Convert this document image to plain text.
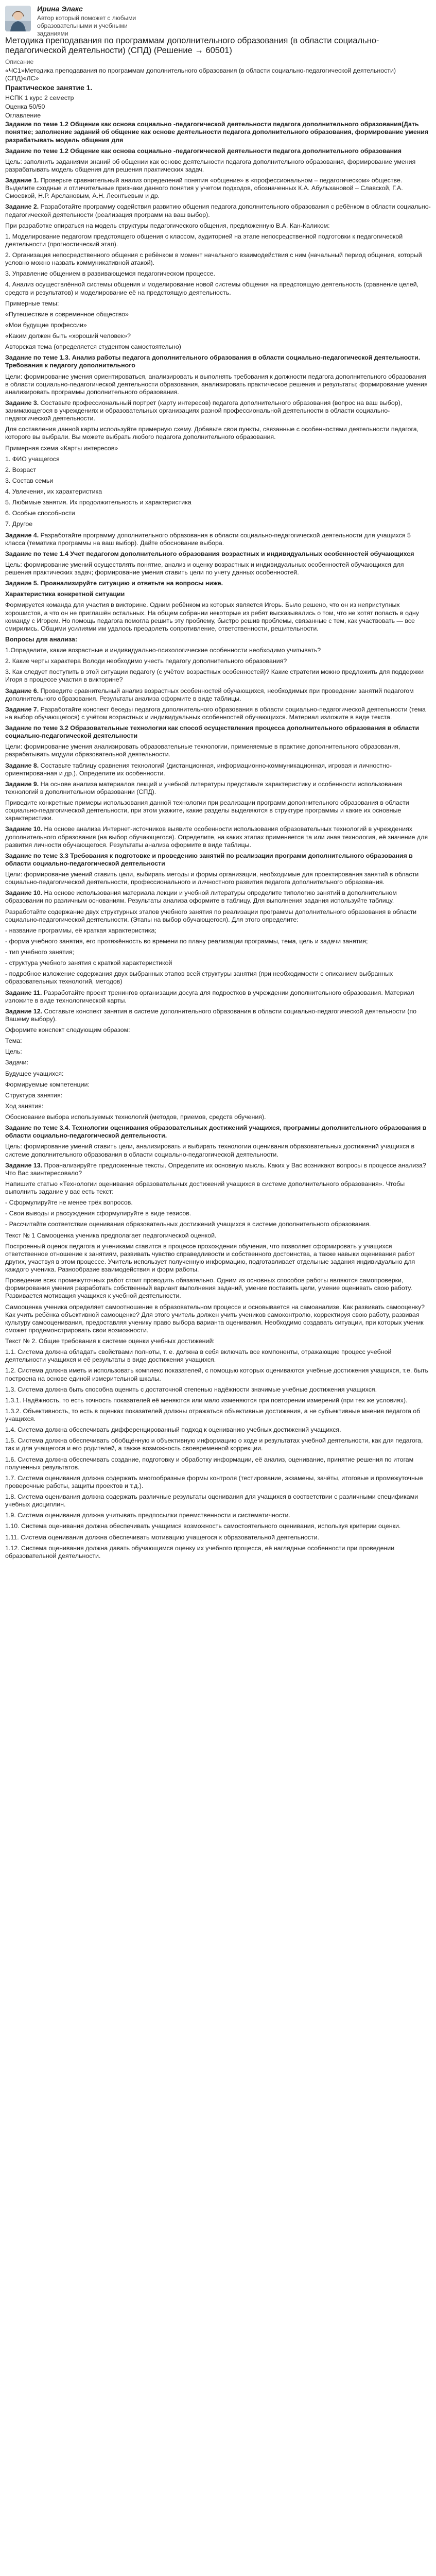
Ирина Элакс
Автор который поможет с любыми образовательными и учебными заданиями
Методика преподавания по программам дополнительного образования (в области социально-педагогической деятельности) (СПД) (Решение → 60501)
Описание
«ЧС1»Методика преподавания по программам дополнительного образования (в области социально-педагогической деятельности) (СПД)«ЛС»
Практическое занятие 1.
НСПК 1 курс 2 семестр
Оценка 50/50
Оглавление

Задание по теме 1.2 Общение как основа социально -педагогической деятельности педагога дополнительного образования(Дать понятие; заполнение заданий об общение как основе деятельности педагога дополнительного образования, формирование умения разрабатывать модель общения для

Задание по теме 1.2 Общение как основа социально -педагогической деятельности педагога дополнительного образования

Цель: заполнить заданиями знаний об общении как основе деятельности педагога дополнительного образования, формирование умения разрабатывать модель общения для решения практических задач.

Задание 1. Проверьте сравнительный анализ определений понятия «общение» в «профессиональном – педагогическом» обществе. Выделите сходные и отличительные признаки данного понятия у учетом подходов, обозначенных К.А. Абульхановой – Славской, Г.А. Смоевкой, Н.Р. Арслановым, А.Н. Леонтьевым и др.

Задание 2. Разработайте программу содействия развитию общения педагога дополнительного образования с ребёнком в области социально-педагогической деятельности (реализация программ на ваш выбор).

При разработке опираться на модель структуры педагогического общения, предложенную В.А. Кан-Каликом:

1. Моделирование педагогом предстоящего общения с классом, аудиторией на этапе непосредственной подготовки к педагогической деятельности (прогностический этап).

2. Организация непосредственного общения с ребёнком в момент начального взаимодействия с ним (начальный период общения, который условно можно назвать коммуникативной атакой).

3. Управление общением в развивающемся педагогическом процессе.

4. Анализ осуществлённой системы общения и моделирование новой системы общения на предстоящую деятельность (сравнение целей, средств и результатов) и моделирование её на предстоящую деятельность.

Примерные темы:

«Путешествие в современное общество»

«Мои будущие профессии»

«Каким должен быть «хороший человек»?

Авторская тема (определяется студентом самостоятельно)

Задание по теме 1.3. Анализ работы педагога дополнительного образования в области социально-педагогической деятельности. Требования к педагогу дополнительного

Цели: формирование умения ориентироваться, анализировать и выполнять требования к должности педагога дополнительного образования в области социально-педагогической деятельности образования, анализировать практическое решения и результаты; формирование умения анализировать программы дополнительного образования.

Задание 3. Составьте профессиональный портрет (карту интересов) педагога дополнительного образования (вопрос на ваш выбор), занимающегося в учреждениях и образовательных организациях разной профессиональной деятельности в области социально-педагогической деятельности.

Для составления данной карты используйте примерную схему. Добавьте свои пункты, связанные с особенностями деятельности педагога, которого вы выбрали. Вы можете выбрать любого педагога дополнительного образования.

Примерная схема «Карты интересов»

1. ФИО учащегося

2. Возраст

3. Состав семьи

4. Увлечения, их характеристика

5. Любимые занятия. Их продолжительность и характеристика

6. Особые способности

7. Другое

Задание 4. Разработайте программу дополнительного образования в области социально-педагогической деятельности для учащихся 5 класса (тематика программы на ваш выбор). Дайте обоснование выбора.

Задание по теме 1.4 Учет педагогом дополнительного образования возрастных и индивидуальных особенностей обучающихся

Цель: формирование умений осуществлять понятие, анализ и оценку возрастных и индивидуальных особенностей обучающихся для решения практических задач; формирование умения ставить цели по учету данных особенностей.

Задание 5. Проанализируйте ситуацию и ответьте на вопросы ниже.

Характеристика конкретной ситуации

Формируется команда для участия в викторине. Одним ребёнком из которых является Игорь. Было решено, что он из неприступных хорошистов, а что он не приглашён остальных. На общем собрании некоторые из ребят высказывались о том, что не хотят попасть в одну команду с Игорем. Но помощь педагога помогла решить эту проблему, быстро решив проблемы, связанные с тем, как участвовать — все смирились. Общими усилиями им удалось преодолеть сопротивление, ответственности, решительности.

Вопросы для анализа:

1.Определите, какие возрастные и индивидуально-психологические особенности необходимо учитывать?

2. Какие черты характера Володи необходимо учесть педагогу дополнительного образования?

3. Как следует поступить в этой ситуации педагогу (с учётом возрастных особенностей)? Какие стратегии можно предложить для поддержки Игоря в процессе участия в викторине?

Задание 6. Проведите сравнительный анализ возрастных особенностей обучающихся, необходимых при проведении занятий педагогом дополнительного образования. Результаты анализа оформите в виде таблицы.

Задание 7. Разработайте конспект беседы педагога дополнительного образования в области социально-педагогической деятельности (тема на выбор обучающегося) с учётом возрастных и индивидуальных особенностей обучающихся. Материал изложите в виде текста.

Задание по теме 3.2 Образовательные технологии как способ осуществления процесса дополнительного образования в области социально-педагогической деятельности

Цели: формирование умения анализировать образовательные технологии, применяемые в практике дополнительного образования, разрабатывать модули образовательной деятельности.

Задание 8. Составьте таблицу сравнения технологий (дистанционная, информационно-коммуникационная, игровая и личностно-ориентированная и др.). Определите их особенности.

Задание 9. На основе анализа материалов лекций и учебной литературы представьте характеристику и особенности использования технологий в дополнительном образовании (СПД).

Приведите конкретные примеры использования данной технологии при реализации программ дополнительного образования в области социально-педагогической деятельности, при этом укажите, какие разделы выделяются в структуре программы и какие их основные характеристики.

Задание 10. На основе анализа Интернет-источников выявите особенности использования образовательных технологий в учреждениях дополнительного образования (на выбор обучающегося). Определите, на каких этапах применяется та или иная технология, её значение для развития личности обучающегося. Результаты анализа оформите в виде таблицы.

Задание по теме 3.3 Требования к подготовке и проведению занятий по реализации программ дополнительного образования в области социально-педагогической деятельности

Цели: формирование умений ставить цели, выбирать методы и формы организации, необходимые для проектирования занятий в области социально-педагогической деятельности, профессионального и личностного развития педагога дополнительного образования.

Задание 10. На основе использования материала лекции и учебной литературы определите типологию занятий в дополнительном образовании по различным основаниям. Результаты анализа оформите в таблицу. Для выполнения задания используйте таблицу.

Разработайте содержание двух структурных этапов учебного занятия по реализации программы дополнительного образования в области социально-педагогической деятельности. (Этапы на выбор обучающегося). Для этого определите:

- название программы, её краткая характеристика;

- форма учебного занятия, его протяжённость во времени по плану реализации программы, тема, цель и задачи занятия;

- тип учебного занятия;

- структура учебного занятия с краткой характеристикой

- подробное изложение содержания двух выбранных этапов всей структуры занятия (при необходимости с описанием выбранных образовательных технологий, методов)

Задание 11. Разработайте проект тренингов организации досуга для подростков в учреждении дополнительного образования. Материал изложите в виде технологической карты.

Задание 12. Составьте конспект занятия в системе дополнительного образования в области социально-педагогической деятельности (по Вашему выбору).

Оформите конспект следующим образом:

Тема:

Цель:

Задачи:

Будущее учащихся:

Формируемые компетенции:

Структура занятия:

Ход занятия:

Обоснование выбора используемых технологий (методов, приемов, средств обучения).

Задание по теме 3.4. Технологии оценивания образовательных достижений учащихся, программы дополнительного образования в области социально-педагогической деятельности.

Цель: формирование умений ставить цели, анализировать и выбирать технологии оценивания образовательных достижений учащихся в системе дополнительного образования в области социально-педагогической деятельности.

Задание 13. Проанализируйте предложенные тексты. Определите их основную мысль. Каких у Вас возникают вопросы в процессе анализа? Что Вас заинтересовало?

Напишите статью «Технологии оценивания образовательных достижений учащихся в системе дополнительного образования». Чтобы выполнить задание у вас есть текст:

- Сформулируйте не менее трёх вопросов.

- Свои выводы и рассуждения сформулируйте в виде тезисов.

- Рассчитайте соответствие оценивания образовательных достижений учащихся в системе дополнительного образования.

Текст № 1 Самооценка ученика предполагает педагогической оценкой.

Построенный оценок педагога и учениками ставится в процессе прохождения обучения, что позволяет сформировать у учащихся ответственное отношение к занятиям, развивать чувство справедливости и собственного достоинства, а также навыки оценивания работ других, участвуя в этом процессе. Учитель использует полученную информацию, подготавливает отдельные задания индивидуально для каждого ученика. Разнообразие взаимодействия и форм работы.

Проведение всех промежуточных работ стоит проводить обязательно. Одним из основных способов работы являются самопроверки, формирования умения разработать собственный вариант выполнения заданий, умение поставить цели, умение оценивать свою работу. Развивается мотивация учащихся к учебной деятельности.

Самооценка ученика определяет самоотношение в образовательном процессе и основывается на самоанализе. Как развивать самооценку? Как учить ребёнка объективной самооценке? Для этого учитель должен учить учеников самоконтролю, корректируя свою работу, развивая культуру самооценивания, предоставляя ученику право выбора варианта оценивания. Необходимо создавать ситуации, при которых ученик сможет продемонстрировать свои возможности.

Текст № 2. Общие требования к системе оценки учебных достижений:

1.1. Система должна обладать свойствами полноты, т. е. должна в себя включать все компоненты, отражающие процесс учебной деятельности учащихся и её результаты в виде достижения учащихся.

1.2. Система должна иметь и использовать комплекс показателей, с помощью которых оцениваются учебные достижения учащихся, т.е. быть построена на основе единой измерительной шкалы.

1.3. Система должна быть способна оценить с достаточной степенью надёжности значимые учебные достижения учащихся.

1.3.1. Надёжность, то есть точность показателей её меняются или мало изменяются при повторении измерений (при тех же условиях).

1.3.2. Объективность, то есть в оценках показателей должны отражаться объективные достижения, а не субъективные мнения педагога об учащихся.

1.4. Система должна обеспечивать дифференцированный подход к оцениванию учебных достижений учащихся.

1.5. Система должна обеспечивать обобщённую и объективную информацию о ходе и результатах учебной деятельности, как для педагога, так и для учащегося и его родителей, а также возможность своевременной коррекции.

1.6. Система должна обеспечивать создание, подготовку и обработку информации, её анализ, оценивание, принятие решения по итогам полученных результатов.

1.7. Система оценивания должна содержать многообразные формы контроля (тестирование, экзамены, зачёты, итоговые и промежуточные проверочные работы, защиты проектов и т.д.).

1.8. Система оценивания должна содержать различные результаты оценивания для учащихся в соответствии с различными спецификами учебных дисциплин.

1.9. Система оценивания должна учитывать предпосылки преемственности и систематичности.

1.10. Система оценивания должна обеспечивать учащимся возможность самостоятельного оценивания, используя критерии оценки.

1.11. Система оценивания должна обеспечивать мотивацию учащегося к образовательной деятельности.

1.12. Система оценивания должна давать обучающимся оценку их учебного процесса, её наглядные особенности при проведении образовательной деятельности.
